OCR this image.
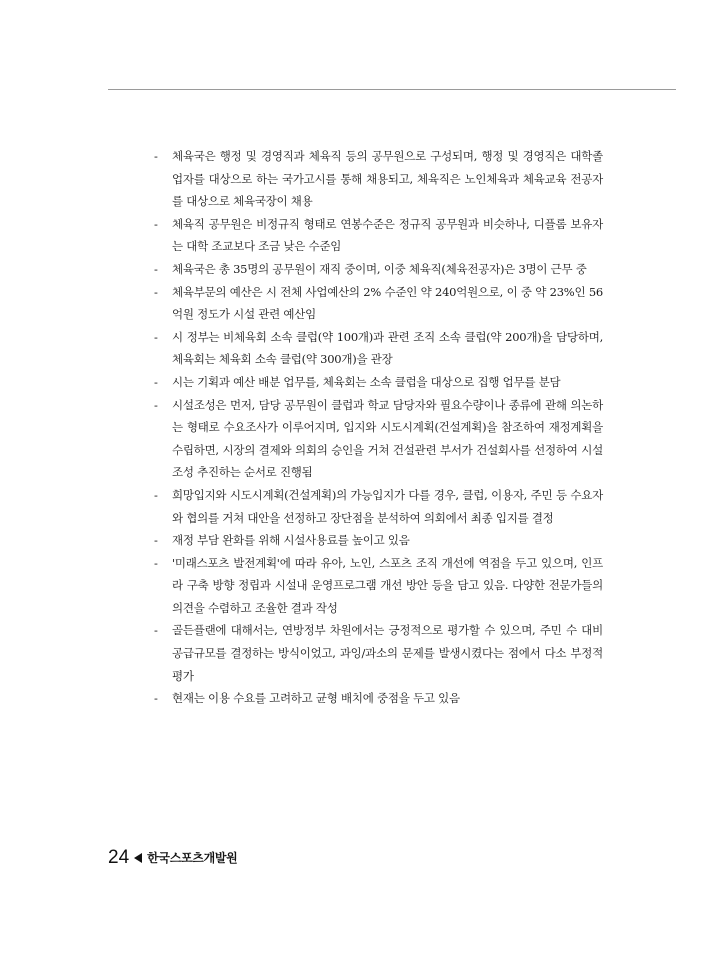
- 체육국은 행정 및 경영직과 체육직 등의 공무원으로 구성되며, 행정 및 경영직은 대학졸업자를 대상으로 하는 국가고시를 통해 채용되고, 체육직은 노인체육과 체육교육 전공자를 대상으로 체육국장이 채용
- 체육직 공무원은 비정규직 형태로 연봉수준은 정규직 공무원과 비슷하나, 디플롬 보유자는 대학 조교보다 조금 낮은 수준임
- 체육국은 총 35명의 공무원이 재직 중이며, 이중 체육직(체육전공자)은 3명이 근무 중
- 체육부문의 예산은 시 전체 사업예산의 2% 수준인 약 240억원으로, 이 중 약 23%인 56억원 정도가 시설 관련 예산임
- 시 정부는 비체육회 소속 클럽(약 100개)과 관련 조직 소속 클럽(약 200개)을 담당하며, 체육회는 체육회 소속 클럽(약 300개)을 관장
- 시는 기획과 예산 배분 업무를, 체육회는 소속 클럽을 대상으로 집행 업무를 분담
- 시설조성은 먼저, 담당 공무원이 클럽과 학교 담당자와 필요수량이나 종류에 관해 의논하는 형태로 수요조사가 이루어지며, 입지와 시도시계획(건설계획)을 참조하여 재정계획을 수립하면, 시장의 결제와 의회의 승인을 거쳐 건설관련 부서가 건설회사를 선정하여 시설 조성 추진하는 순서로 진행됨
- 희망입지와 시도시계획(건설계획)의 가능입지가 다를 경우, 클럽, 이용자, 주민 등 수요자와 협의를 거쳐 대안을 선정하고 장단점을 분석하여 의회에서 최종 입지를 결정
- 재정 부담 완화를 위해 시설사용료를 높이고 있음
- '미래스포츠 발전계획'에 따라 유아, 노인, 스포츠 조직 개선에 역점을 두고 있으며, 인프라 구축 방향 정립과 시설내 운영프로그램 개선 방안 등을 담고 있음. 다양한 전문가들의 의견을 수렴하고 조율한 결과 작성
- 골든플랜에 대해서는, 연방정부 차원에서는 긍정적으로 평가할 수 있으며, 주민 수 대비 공급규모를 결정하는 방식이었고, 과잉/과소의 문제를 발생시켰다는 점에서 다소 부정적 평가
- 현재는 이용 수요를 고려하고 균형 배치에 중점을 두고 있음
24 한국스포츠개발원
